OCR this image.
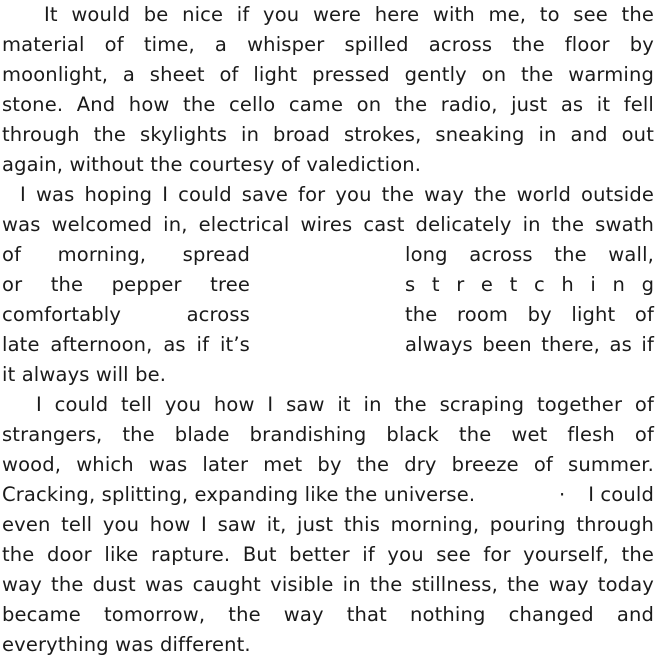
It would be nice if you were here with me, to see the
material of time, a whisper spilled across the floor by
moonlight, a sheet of light pressed gently on the warming
stone. And how the cello came on the radio, just as it fell
through the skylights in broad strokes, sneaking in and out
again, without the courtesy of valediction.
I was hoping I could save for you the way the world outside
was welcomed in, electrical wires cast delicately in the swath
of morning, spread	long across the wall,
or the pepper tree	s t r e t c h i n g
comfortably across	the room by light of
late afternoon, as if it’s	always been there, as if
it always will be.
I could tell you how I saw it in the scraping together of
strangers, the blade brandishing black the wet flesh of
wood, which was later met by the dry breeze of summer.
Cracking, splitting, expanding like the universe.	·	I could
even tell you how I saw it, just this morning, pouring through
the door like rapture. But better if you see for yourself, the
way the dust was caught visible in the stillness, the way today
became tomorrow, the way that nothing changed and
everything was different.
